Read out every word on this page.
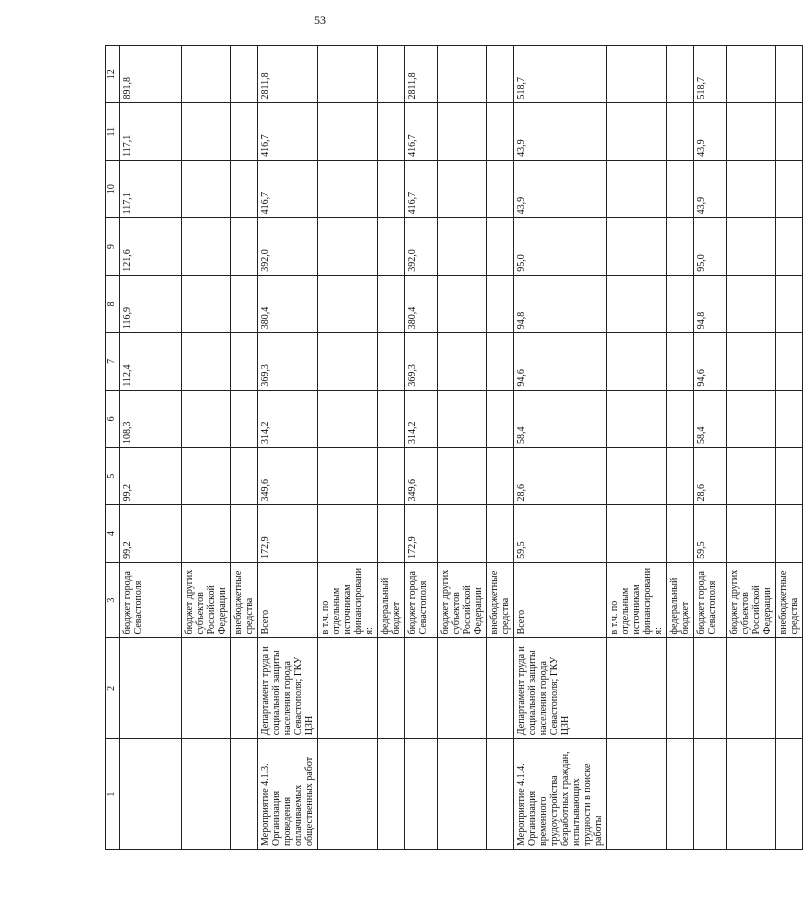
53
1	2	3	4	5	6	7	8	9	10	11	12
		бюджет города Севастополя	99,2	99,2	108,3	112,4	116,9	121,6	117,1	117,1	891,8
		бюджет других субъектов Российской Федерации									
		внебюджетные средства									
Мероприятие 4.1.3. Организация проведения оплачиваемых общественных работ	Департамент труда и социальной защиты населения города Севастополя; ГКУ ЦЗН	Всего	172,9	349,6	314,2	369,3	380,4	392,0	416,7	416,7	2811,8
		в т.ч. по отдельным источникам финансирования:									
		федеральный бюджет									
		бюджет города Севастополя	172,9	349,6	314,2	369,3	380,4	392,0	416,7	416,7	2811,8
		бюджет других субъектов Российской Федерации									
		внебюджетные средства									
Мероприятие 4.1.4. Организация временного трудоустройства безработных граждан, испытывающих трудности в поиске работы	Департамент труда и социальной защиты населения города Севастополя; ГКУ ЦЗН	Всего	59,5	28,6	58,4	94,6	94,8	95,0	43,9	43,9	518,7
		в т.ч. по отдельным источникам финансирования:									
		федеральный бюджет									
		бюджет города Севастополя	59,5	28,6	58,4	94,6	94,8	95,0	43,9	43,9	518,7
		бюджет других субъектов Российской Федерации									
		внебюджетные средства									
